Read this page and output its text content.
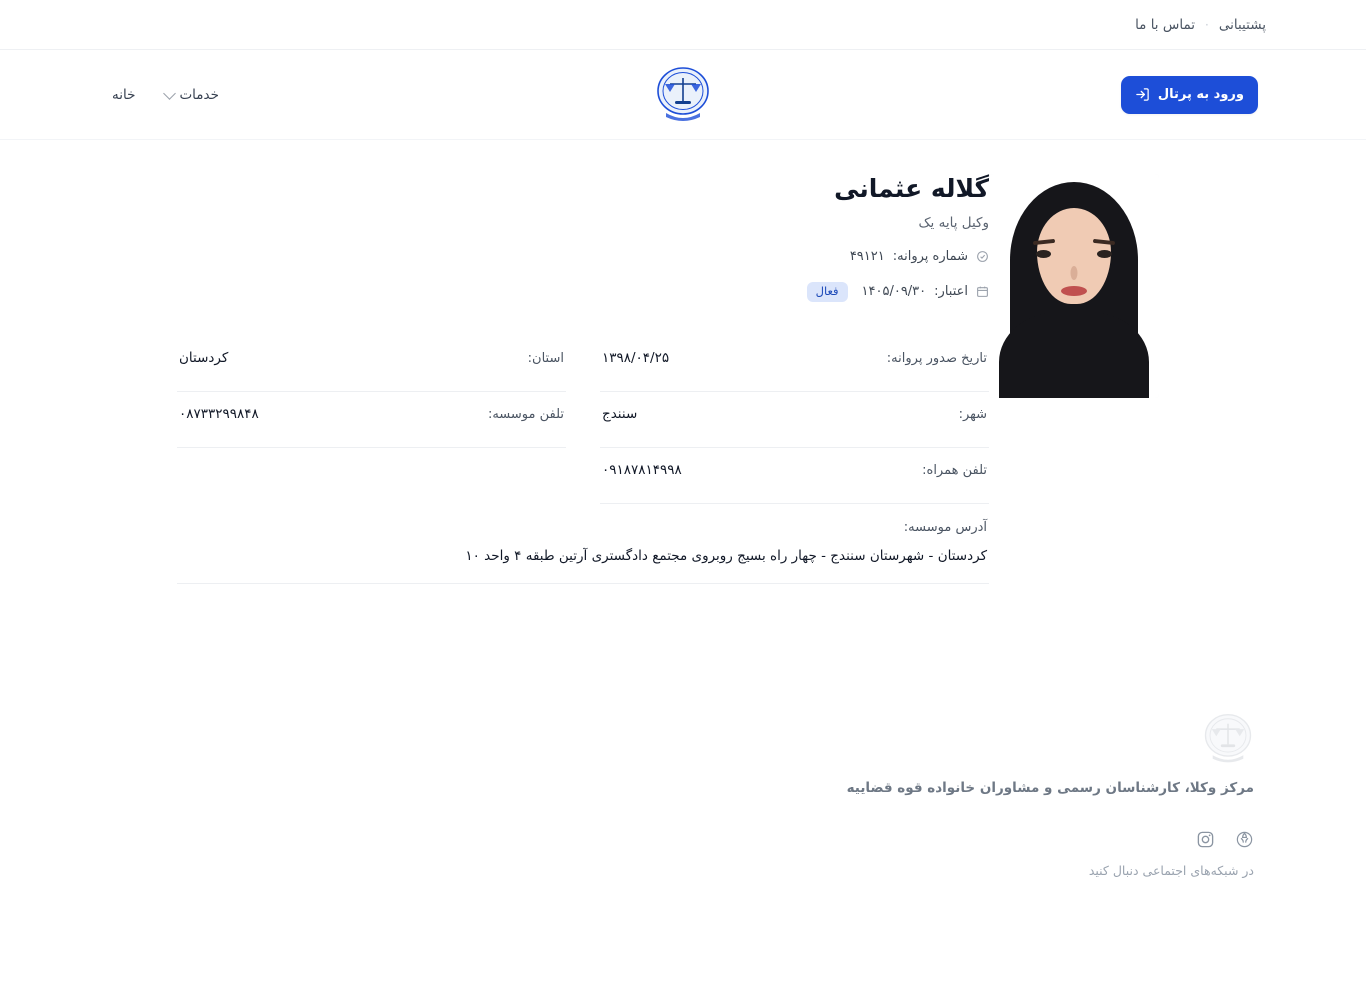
تماس با ما · پشتیبانی
ورود به پرتال
خانه	خدمات
گلاله عثمانی
وکیل پایه یک
شماره پروانه:
۴۹۱۲۱
اعتبار:
۱۴۰۵/۰۹/۳۰
فعال
تاریخ صدور پروانه:
۱۳۹۸/۰۴/۲۵
استان:
کردستان
شهر:
سنندج
تلفن موسسه:
۰۸۷۳۳۲۹۹۸۴۸
تلفن همراه:
۰۹۱۸۷۸۱۴۹۹۸
آدرس موسسه:
کردستان - شهرستان سنندج - چهار راه بسیج روبروی مجتمع دادگستری آرتین طبقه ۴ واحد ۱۰
مرکز وکلا، کارشناسان رسمی و مشاوران خانواده قوه قضاییه
در شبکه‌های اجتماعی دنبال کنید
